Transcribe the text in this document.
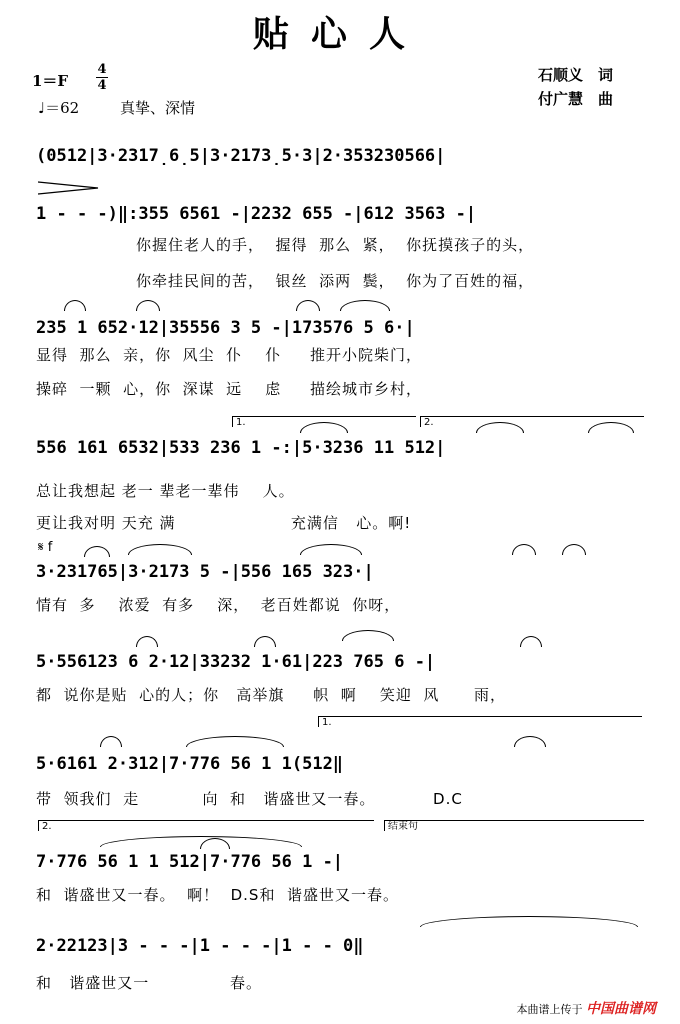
贴心人
1＝F
4
4
♩＝62	真挚、深情
石顺义　词
付广慧　曲
(0512|3·2317̣6̣5|3·2173̣5·3|2·353230566|
1 - - -)‖:355 6561 -|2232 655 -|612 3563 -|
你握住老人的手，  握得  那么  紧，  你抚摸孩子的头，
你牵挂民间的苦，  银丝  添两  鬓，  你为了百姓的福，
235 1 652·12|35556 3 5 -|173576 5 6·|
显得  那么  亲，你  风尘  仆    仆     推开小院柴门，
操碎  一颗  心，你  深谋  远    虑     描绘城市乡村，
1.	2.
556 161 6532|533 236 1 -:|5·3236 11 512|
总让我想起 老一 辈老一辈伟    人。
更让我对明 天充 满                    充满信   心。啊!
𝄋 f
3·231765|3·2173 5 -|556 165 323·|
情有  多    浓爱  有多    深，  老百姓都说  你呀，
5·556123 6 2·12|33232 1·61|223 765 6 -|
都  说你是贴  心的人；你   高举旗     帜  啊    笑迎  风      雨，
1.
5·6161 2·312|7·776 56 1 1(512‖
带  领我们  走           向  和   谐盛世又一春。          D.C
2.	结束句
7·776 56 1 1 512|7·776 56 1 -|
和  谐盛世又一春。  啊！  D.S和  谐盛世又一春。
2·22123|3 - - -|1 - - -|1 - - 0‖
和   谐盛世又一              春。
本曲谱上传于 中国曲谱网
